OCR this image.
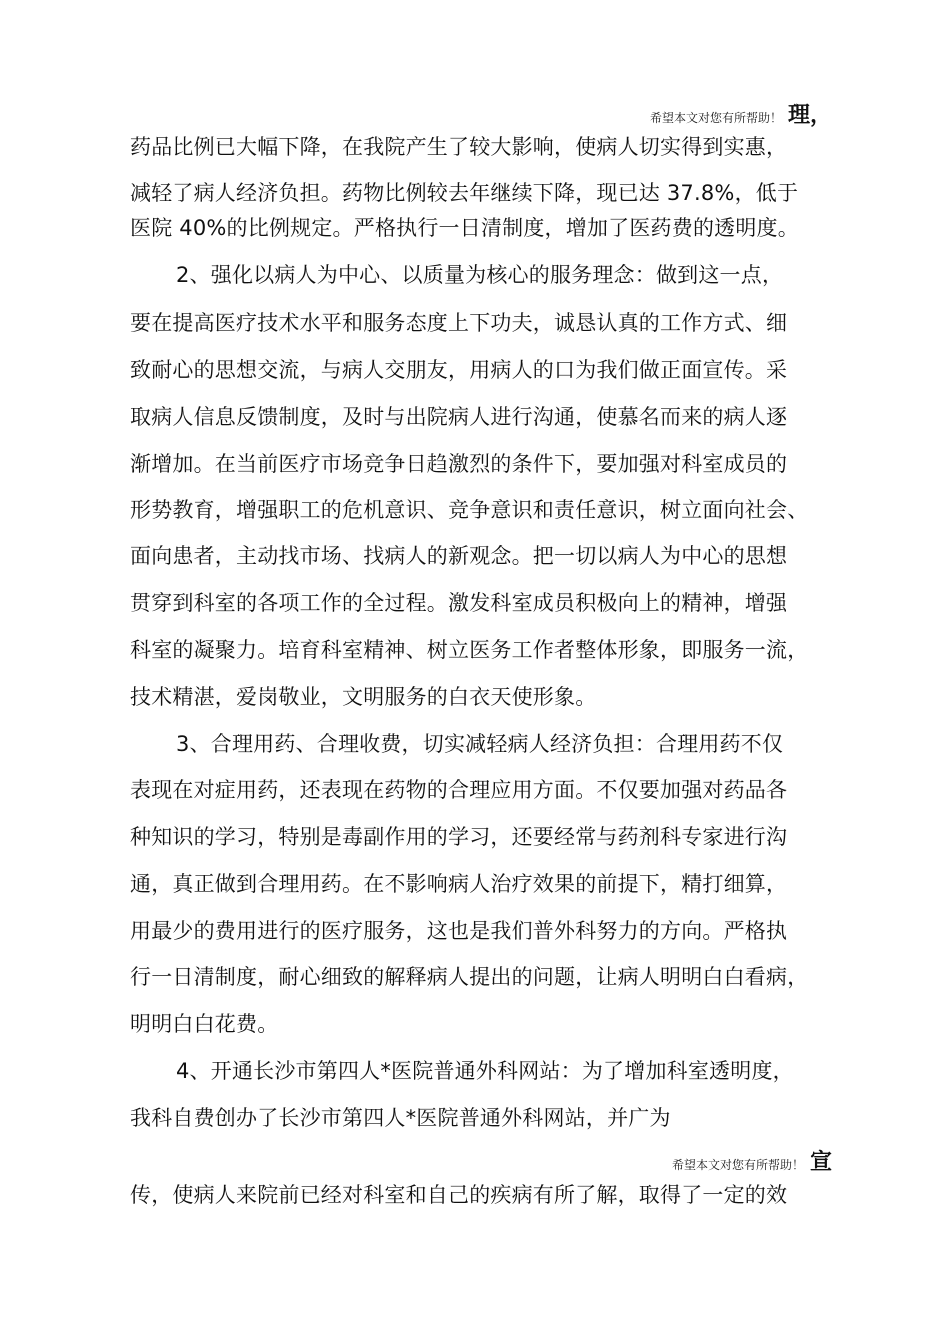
希望本文对您有所帮助！ 理，
药品比例已大幅下降，在我院产生了较大影响，使病人切实得到实惠，
减轻了病人经济负担。药物比例较去年继续下降，现已达 37.8%，低于
医院 40%的比例规定。严格执行一日清制度，增加了医药费的透明度。
2、强化以病人为中心、以质量为核心的服务理念：做到这一点，
要在提高医疗技术水平和服务态度上下功夫，诚恳认真的工作方式、细
致耐心的思想交流，与病人交朋友，用病人的口为我们做正面宣传。采
取病人信息反馈制度，及时与出院病人进行沟通，使慕名而来的病人逐
渐增加。在当前医疗市场竞争日趋激烈的条件下，要加强对科室成员的
形势教育，增强职工的危机意识、竞争意识和责任意识，树立面向社会、
面向患者，主动找市场、找病人的新观念。把一切以病人为中心的思想
贯穿到科室的各项工作的全过程。激发科室成员积极向上的精神，增强
科室的凝聚力。培育科室精神、树立医务工作者整体形象，即服务一流，
技术精湛，爱岗敬业，文明服务的白衣天使形象。
3、合理用药、合理收费，切实减轻病人经济负担：合理用药不仅
表现在对症用药，还表现在药物的合理应用方面。不仅要加强对药品各
种知识的学习，特别是毒副作用的学习，还要经常与药剂科专家进行沟
通，真正做到合理用药。在不影响病人治疗效果的前提下，精打细算，
用最少的费用进行的医疗服务，这也是我们普外科努力的方向。严格执
行一日清制度，耐心细致的解释病人提出的问题，让病人明明白白看病，
明明白白花费。
4、开通长沙市第四人*医院普通外科网站：为了增加科室透明度，
我科自费创办了长沙市第四人*医院普通外科网站，并广为
希望本文对您有所帮助！ 宣
传，使病人来院前已经对科室和自己的疾病有所了解，取得了一定的效
